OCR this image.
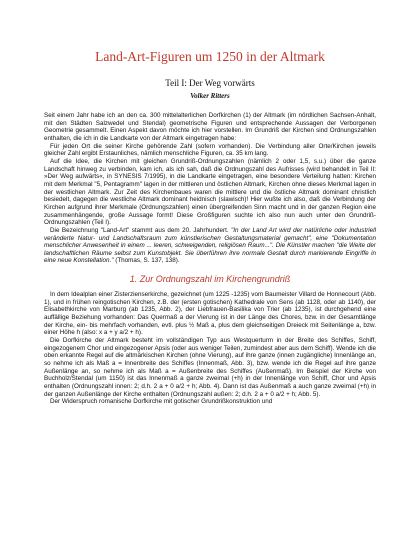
Land-Art-Figuren um 1250 in der Altmark
Teil I: Der Weg vorwärts
Volker Ritters

Seit einem Jahr habe ich an den ca. 300 mittelalterlichen Dorfkirchen (1) der Altmark (im nördlichen Sachsen-Anhalt, mit den Städten Salzwedel und Stendal) geometrische Figuren und entsprechende Aussagen der Verborgenen Geometrie gesammelt. Einen Aspekt davon möchte ich hier vorstellen. Im Grundriß der Kirchen sind Ordnungszahlen enthalten, die ich in die Landkarte von der Altmark eingetragen habe:

Für jeden Ort die seiner Kirche gehörende Zahl (sofern vorhanden). Die Verbindung aller Orte/Kirchen jeweils gleicher Zahl ergibt Erstaunliches, nämlich menschliche Figuren, ca. 35 km lang.

Auf die Idee, die Kirchen mit gleichen Grundriß-Ordnungszahlen (nämlich 2 oder 1,5, s.u.) über die ganze Landschaft hinweg zu verbinden, kam ich, als ich sah, daß die Ordnungszahl des Aufrisses (wird behandelt in Teil II: »Der Weg aufwärts«, in SYNESIS 7/1995), in die Landkarte eingetragen, eine besondere Verteilung hatten: Kirchen mit dem Merkmal "5, Pentagramm" lagen in der mittleren und östlichen Altmark, Kirchen ohne dieses Merkmal lagen in der westlichen Altmark. Zur Zeit des Kirchenbaues waren die mittlere und die östliche Altmark dominant christlich besiedelt, dagegen die westliche Altmark dominant heidnisch (slawisch)! Hier wußte ich also, daß die Verbindung der Kirchen aufgrund ihrer Merkmale (Ordnungszahlen) einen übergreifenden Sinn macht und in der ganzen Region eine zusammenhängende, große Aussage formt! Diese Großfiguren suchte ich also nun auch unter den Grundriß-Ordnungszahlen (Teil I).

Die Bezeichnung "Land-Art" stammt aus dem 20. Jahrhundert. "In der Land Art wird der natürliche oder industriell veränderte Natur- und Landschaftsraum zum künstlerischen Gestaltungsmaterial gemacht", eine "Dokumentation menschlicher Anwesenheit in einem ... leeren, schweigenden, religiösen Raum...". Die Künstler machen "die Weite der landschaftlichen Räume selbst zum Kunstobjekt. Sie überführen ihre normale Gestalt durch markierende Eingriffe in eine neue Konstellation." (Thomas, S. 137, 138).

1. Zur Ordnungszahl im Kirchengrundriß

In dem Idealplan einer Zisterzienserkirche, gezeichnet (um 1225 -1235) vom Baumeister Villard de Honnecourt (Abb. 1), und in frühen reingotischen Kirchen, z.B. der (ersten gotischen) Kathedrale von Sens (ab 1128, oder ab 1140), der Elisabethkirche von Marburg (ab 1235, Abb. 2), der Liebfrauen-Basilika von Trier (ab 1235), ist durchgehend eine auffällige Beziehung vorhanden: Das Quermaß a der Vierung ist in der Länge des Chores, bzw. in der Gesamtlänge der Kirche, ein- bis mehrfach vorhanden, evtl. plus ½ Maß a, plus dem gleichseitigen Dreieck mit Seitenlänge a, bzw. einer Höhe h (also: x a + y a/2 + h).

Die Dorfkirche der Altmark besteht im vollständigen Typ aus Westquerturm in der Breite des Schiffes, Schiff, eingezogenem Chor und eingezogener Apsis (oder aus weniger Teilen, zumindest aber aus dem Schiff). Wende ich die oben erkannte Regel auf die altmärkischen Kirchen (ohne Vierung), auf ihre ganze (innen zugängliche) Innenlänge an, so nehme ich als Maß a = Innenbreite des Schiffes (Innenmaß, Abb. 3), bzw. wende ich die Regel auf ihre ganze Außenlänge an, so nehme ich als Maß a = Außenbreite des Schiffes (Außenmaß). Im Beispiel der Kirche von Buchholz/Stendal (um 1150) ist das Innenmaß a ganze zweimal (+h) in der Innenlänge von Schiff, Chor und Apsis enthalten (Ordnungszahl innen: 2; d.h. 2 a + 0 a/2 + h; Abb. 4). Dann ist das Außenmaß a auch ganze zweimal (+h) in der ganzen Außenlänge der Kirche enthalten (Ordnungszahl außen: 2; d.h. 2 a + 0 a/2 + h; Abb. 5).

Der Widerspruch romanische Dorfkirche mit gotischer Grundrißkonstruktion und
